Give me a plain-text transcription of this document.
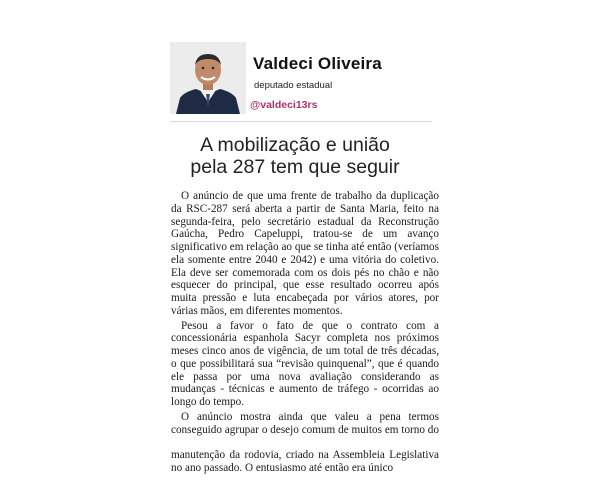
Valdeci Oliveira
deputado estadual
@valdeci13rs
A mobilização e união
pela 287 tem que seguir

O anúncio de que uma frente de trabalho da duplicação da RSC-287 será aberta a partir de Santa Maria, feito na segunda-feira, pelo secretário estadual da Reconstrução Gaúcha, Pedro Capeluppi, tratou-se de um avanço significativo em relação ao que se tinha até então (veríamos ela somente entre 2040 e 2042) e uma vitória do coletivo. Ela deve ser comemorada com os dois pés no chão e não esquecer do principal, que esse resultado ocorreu após muita pressão e luta encabeçada por vários atores, por várias mãos, em diferentes momentos.

Pesou a favor o fato de que o contrato com a concessionária espanhola Sacyr completa nos próximos meses cinco anos de vigência, de um total de três décadas, o que possibilitará sua “revisão quinquenal”, que é quando ele passa por uma nova avaliação considerando as mudanças - técnicas e aumento de tráfego - ocorridas ao longo do tempo.

O anúncio mostra ainda que valeu a pena termos conseguido agrupar o desejo comum de muitos em torno do manutenção da rodovia, criado na Assembleia Legislativa no ano passado. O entusiasmo até então era único
